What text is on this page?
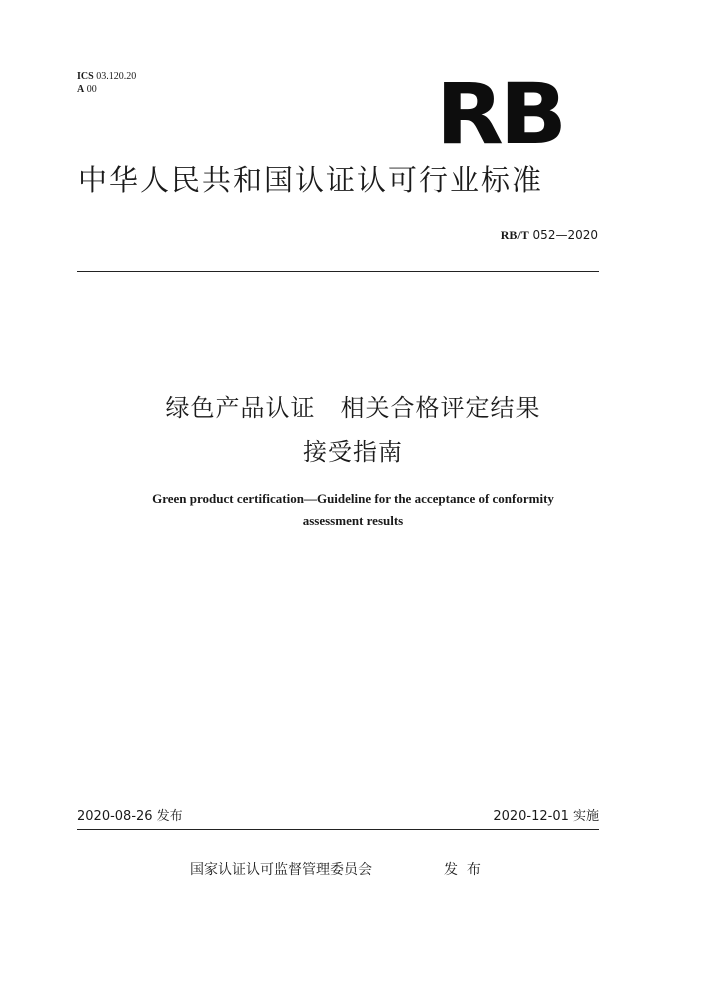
ICS 03.120.20
A 00	RB
中华人民共和国认证认可行业标准
RB/T 052—2020
绿色产品认证　相关合格评定结果
接受指南
Green product certification—Guideline for the acceptance of conformity
assessment results
2020-08-26 发布	2020-12-01 实施
国家认证认可监督管理委员会	发  布
